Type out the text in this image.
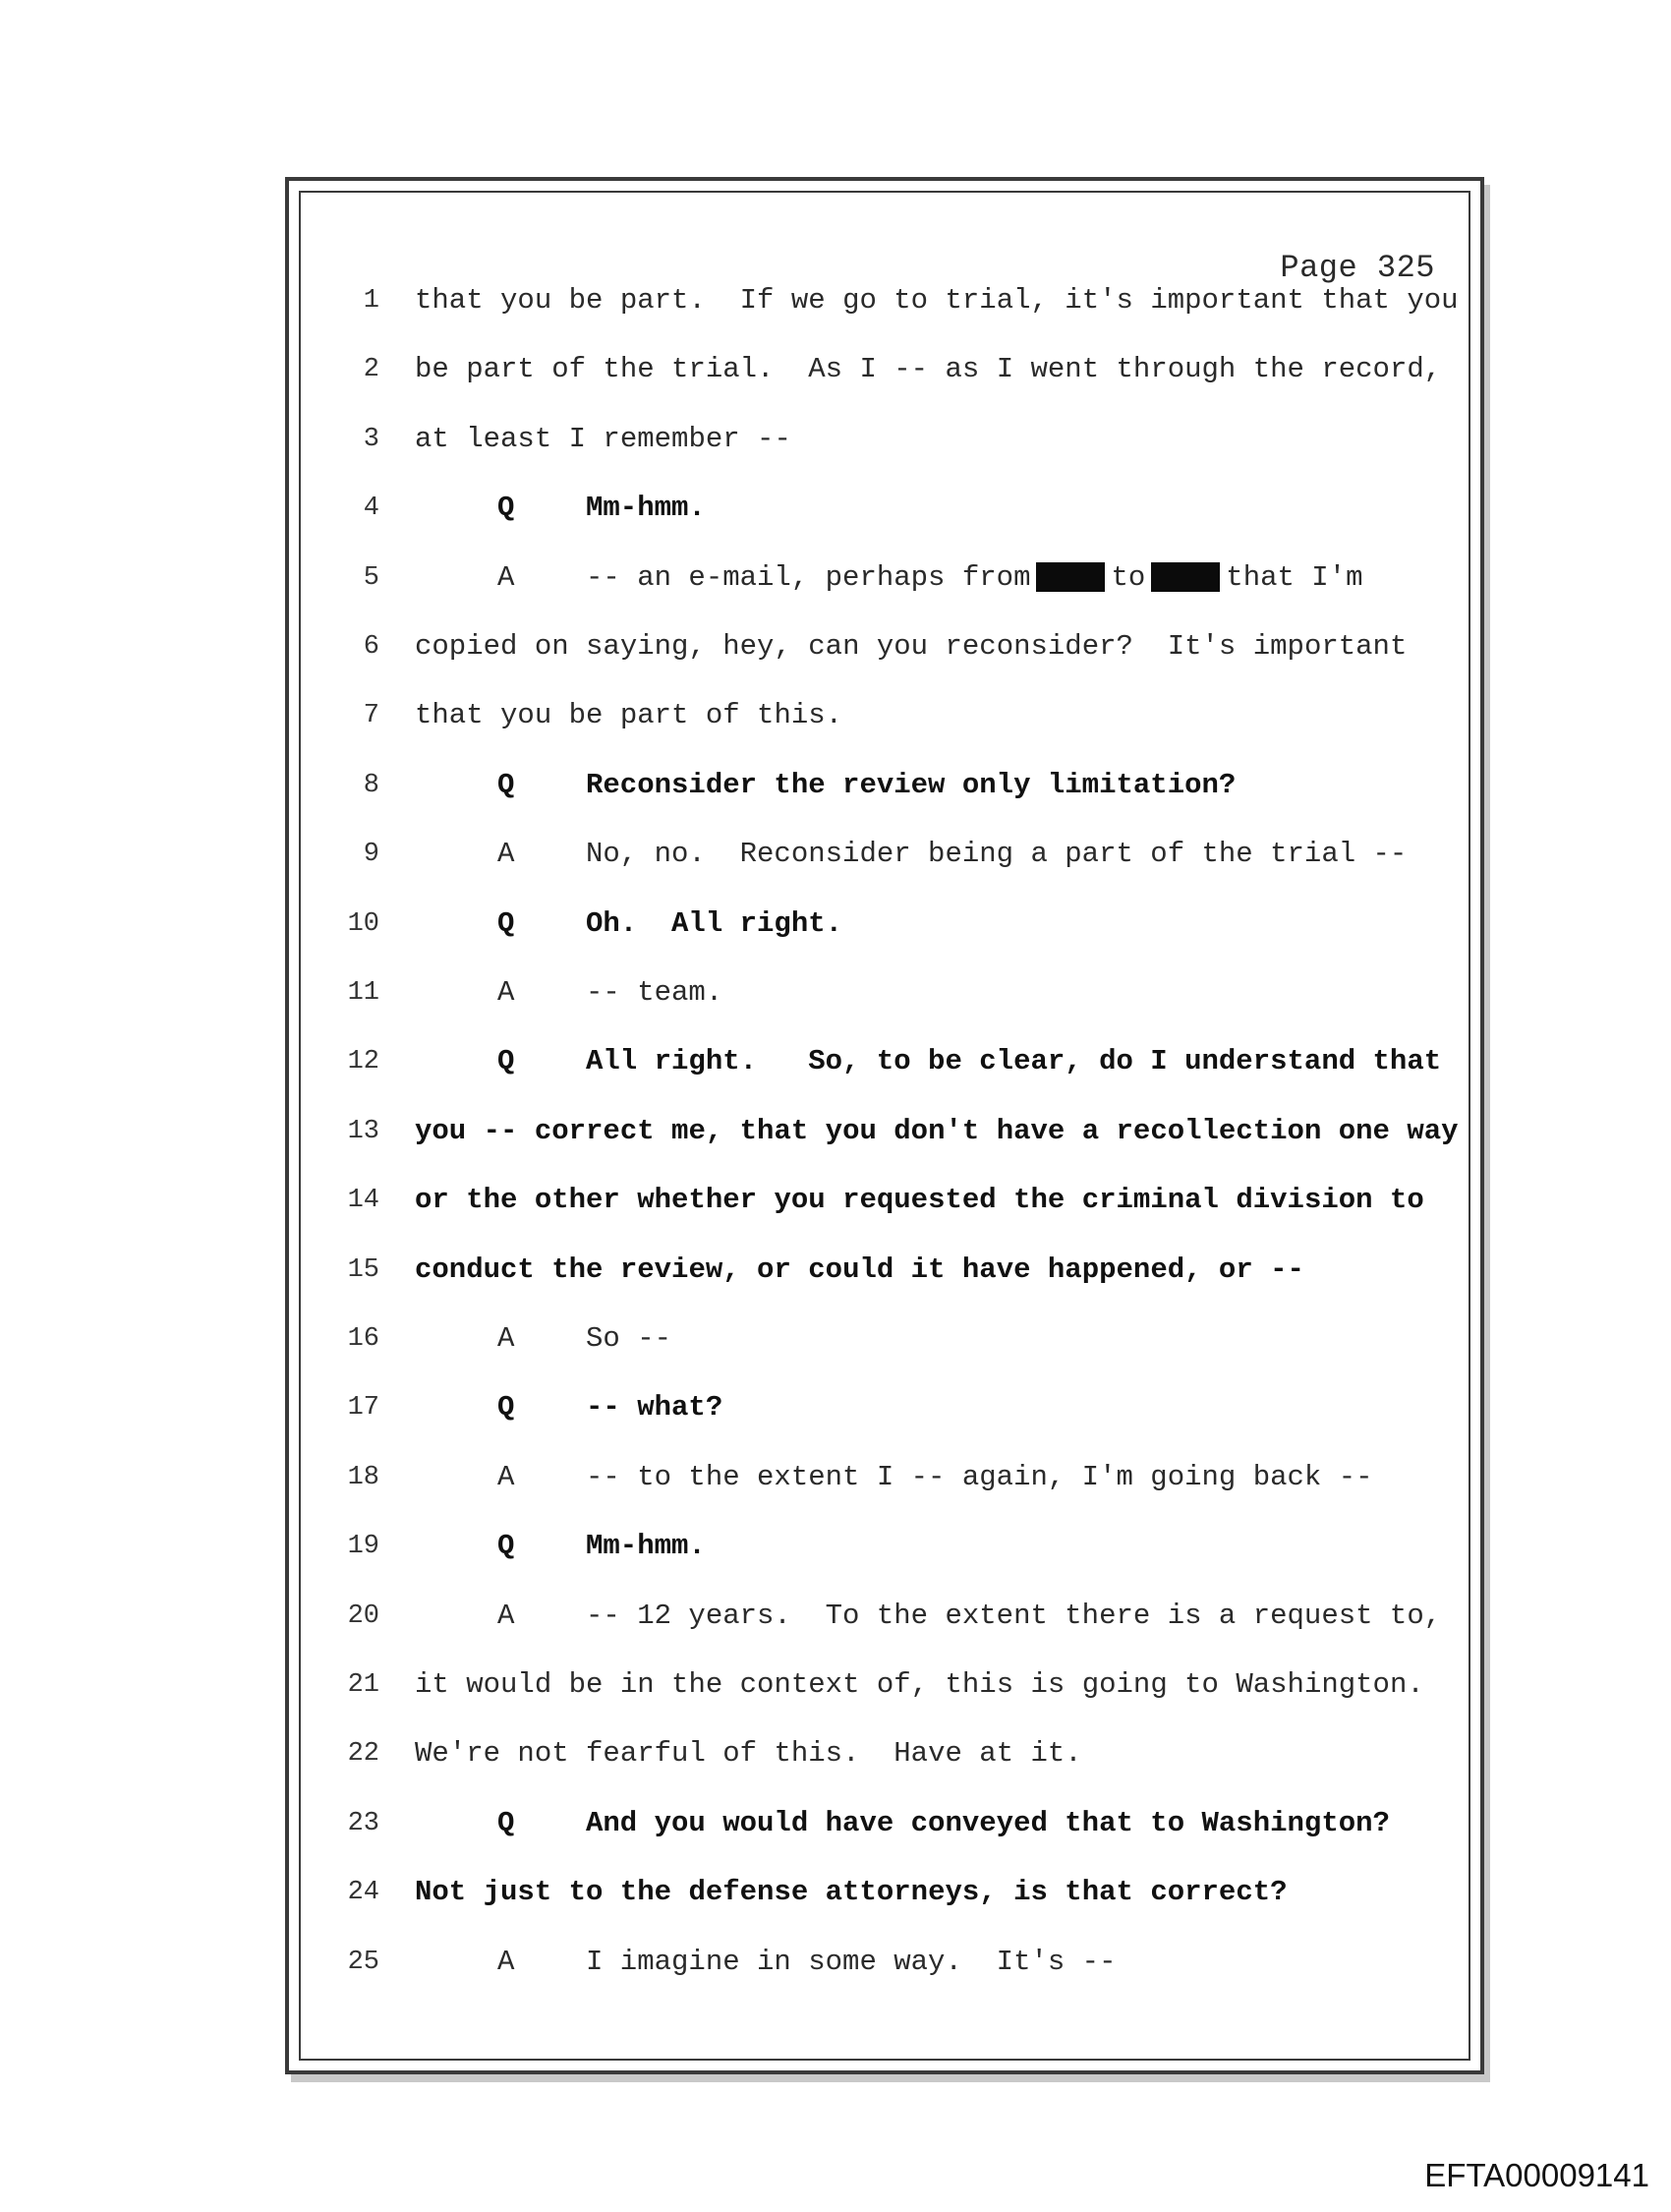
Page 325
1 that you be part.  If we go to trial, it's important that you
2 be part of the trial.  As I -- as I went through the record,
3 at least I remember --
4	Q	Mm-hmm.
5	A	-- an e-mail, perhaps from	to	that I'm
6 copied on saying, hey, can you reconsider?  It's important
7 that you be part of this.
8	Q	Reconsider the review only limitation?
9	A	No, no.  Reconsider being a part of the trial --
10	Q	Oh.  All right.
11	A	-- team.
12	Q	All right.   So, to be clear, do I understand that
13 you -- correct me, that you don't have a recollection one way
14 or the other whether you requested the criminal division to
15 conduct the review, or could it have happened, or --
16	A	So --
17	Q	-- what?
18	A	-- to the extent I -- again, I'm going back --
19	Q	Mm-hmm.
20	A	-- 12 years.  To the extent there is a request to,
21 it would be in the context of, this is going to Washington.
22 We're not fearful of this.  Have at it.
23	Q	And you would have conveyed that to Washington?
24 Not just to the defense attorneys, is that correct?
25	A	I imagine in some way.  It's --
EFTA00009141
